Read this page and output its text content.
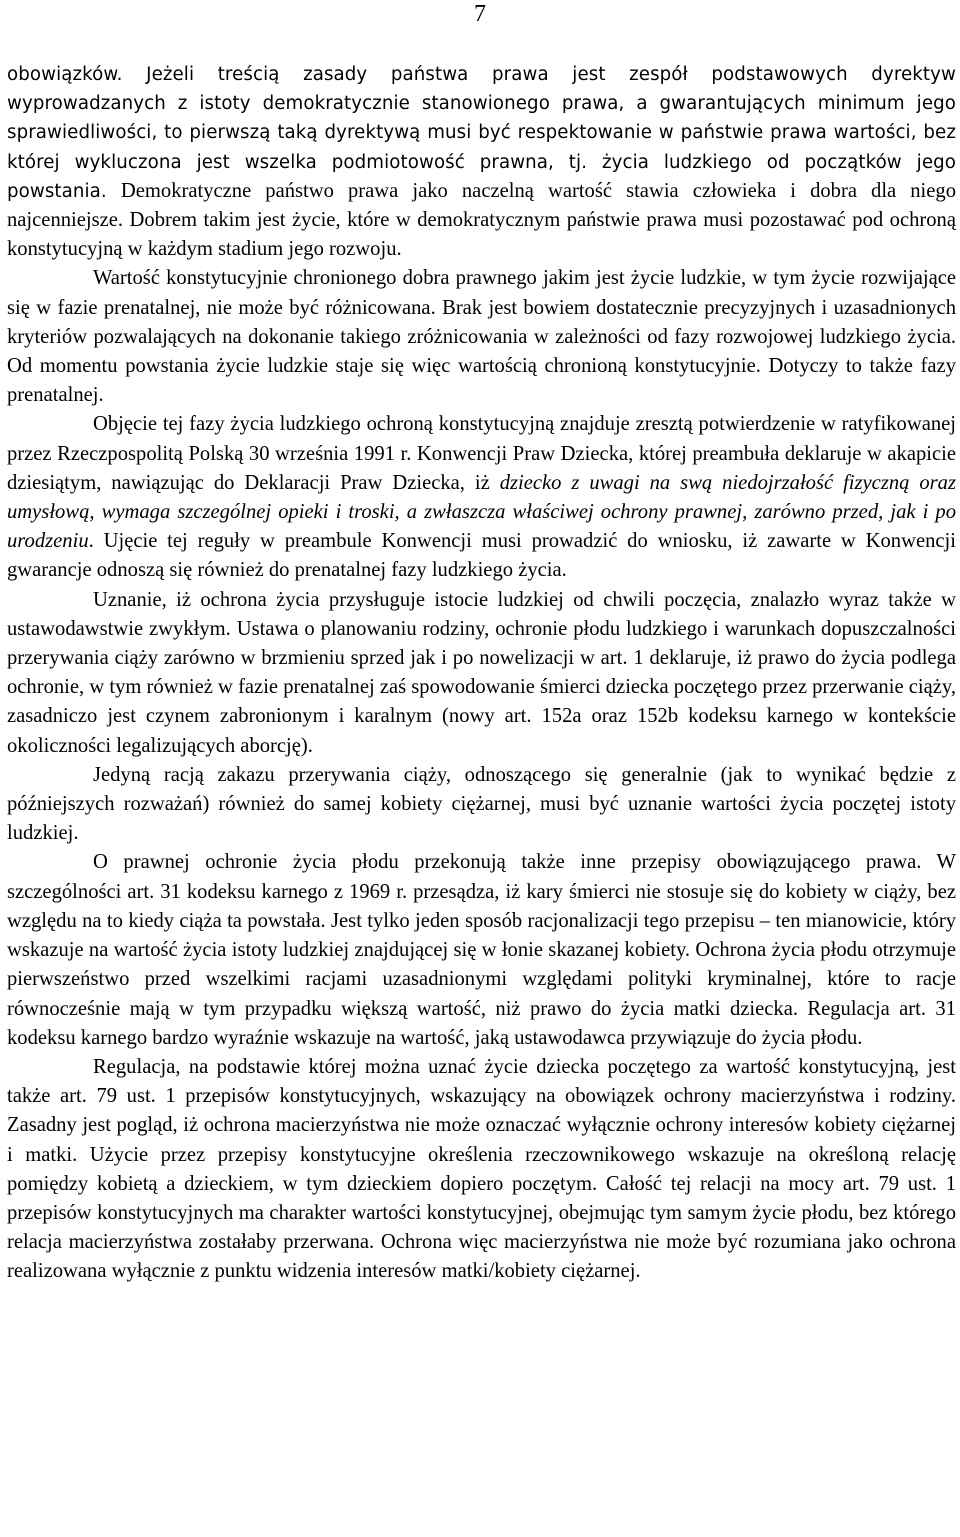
7

obowiązków. Jeżeli treścią zasady państwa prawa jest zespół podstawowych dyrektyw wyprowadzanych z istoty demokratycznie stanowionego prawa, a gwarantujących minimum jego sprawiedliwości, to pierwszą taką dyrektywą musi być respektowanie w państwie prawa wartości, bez której wykluczona jest wszelka podmiotowość prawna, tj. życia ludzkiego od początków jego powstania. Demokratyczne państwo prawa jako naczelną wartość stawia człowieka i dobra dla niego najcenniejsze. Dobrem takim jest życie, które w demokratycznym państwie prawa musi pozostawać pod ochroną konstytucyjną w każdym stadium jego rozwoju.

Wartość konstytucyjnie chronionego dobra prawnego jakim jest życie ludzkie, w tym życie rozwijające się w fazie prenatalnej, nie może być różnicowana. Brak jest bowiem dostatecznie precyzyjnych i uzasadnionych kryteriów pozwalających na dokonanie takiego zróżnicowania w zależności od fazy rozwojowej ludzkiego życia. Od momentu powstania życie ludzkie staje się więc wartością chronioną konstytucyjnie. Dotyczy to także fazy prenatalnej.

Objęcie tej fazy życia ludzkiego ochroną konstytucyjną znajduje zresztą potwierdzenie w ratyfikowanej przez Rzeczpospolitą Polską 30 września 1991 r. Konwencji Praw Dziecka, której preambuła deklaruje w akapicie dziesiątym, nawiązując do Deklaracji Praw Dziecka, iż dziecko z uwagi na swą niedojrzałość fizyczną oraz umysłową, wymaga szczególnej opieki i troski, a zwłaszcza właściwej ochrony prawnej, zarówno przed, jak i po urodzeniu. Ujęcie tej reguły w preambule Konwencji musi prowadzić do wniosku, iż zawarte w Konwencji gwarancje odnoszą się również do prenatalnej fazy ludzkiego życia.

Uznanie, iż ochrona życia przysługuje istocie ludzkiej od chwili poczęcia, znalazło wyraz także w ustawodawstwie zwykłym. Ustawa o planowaniu rodziny, ochronie płodu ludzkiego i warunkach dopuszczalności przerywania ciąży zarówno w brzmieniu sprzed jak i po nowelizacji w art. 1 deklaruje, iż prawo do życia podlega ochronie, w tym również w fazie prenatalnej zaś spowodowanie śmierci dziecka poczętego przez przerwanie ciąży, zasadniczo jest czynem zabronionym i karalnym (nowy art. 152a oraz 152b kodeksu karnego w kontekście okoliczności legalizujących aborcję).

Jedyną racją zakazu przerywania ciąży, odnoszącego się generalnie (jak to wynikać będzie z późniejszych rozważań) również do samej kobiety ciężarnej, musi być uznanie wartości życia poczętej istoty ludzkiej.

O prawnej ochronie życia płodu przekonują także inne przepisy obowiązującego prawa. W szczególności art. 31 kodeksu karnego z 1969 r. przesądza, iż kary śmierci nie stosuje się do kobiety w ciąży, bez względu na to kiedy ciąża ta powstała. Jest tylko jeden sposób racjonalizacji tego przepisu – ten mianowicie, który wskazuje na wartość życia istoty ludzkiej znajdującej się w łonie skazanej kobiety. Ochrona życia płodu otrzymuje pierwszeństwo przed wszelkimi racjami uzasadnionymi względami polityki kryminalnej, które to racje równocześnie mają w tym przypadku większą wartość, niż prawo do życia matki dziecka. Regulacja art. 31 kodeksu karnego bardzo wyraźnie wskazuje na wartość, jaką ustawodawca przywiązuje do życia płodu.

Regulacja, na podstawie której można uznać życie dziecka poczętego za wartość konstytucyjną, jest także art. 79 ust. 1 przepisów konstytucyjnych, wskazujący na obowiązek ochrony macierzyństwa i rodziny. Zasadny jest pogląd, iż ochrona macierzyństwa nie może oznaczać wyłącznie ochrony interesów kobiety ciężarnej i matki. Użycie przez przepisy konstytucyjne określenia rzeczownikowego wskazuje na określoną relację pomiędzy kobietą a dzieckiem, w tym dzieckiem dopiero poczętym. Całość tej relacji na mocy art. 79 ust. 1 przepisów konstytucyjnych ma charakter wartości konstytucyjnej, obejmując tym samym życie płodu, bez którego relacja macierzyństwa zostałaby przerwana. Ochrona więc macierzyństwa nie może być rozumiana jako ochrona realizowana wyłącznie z punktu widzenia interesów matki/kobiety ciężarnej.
